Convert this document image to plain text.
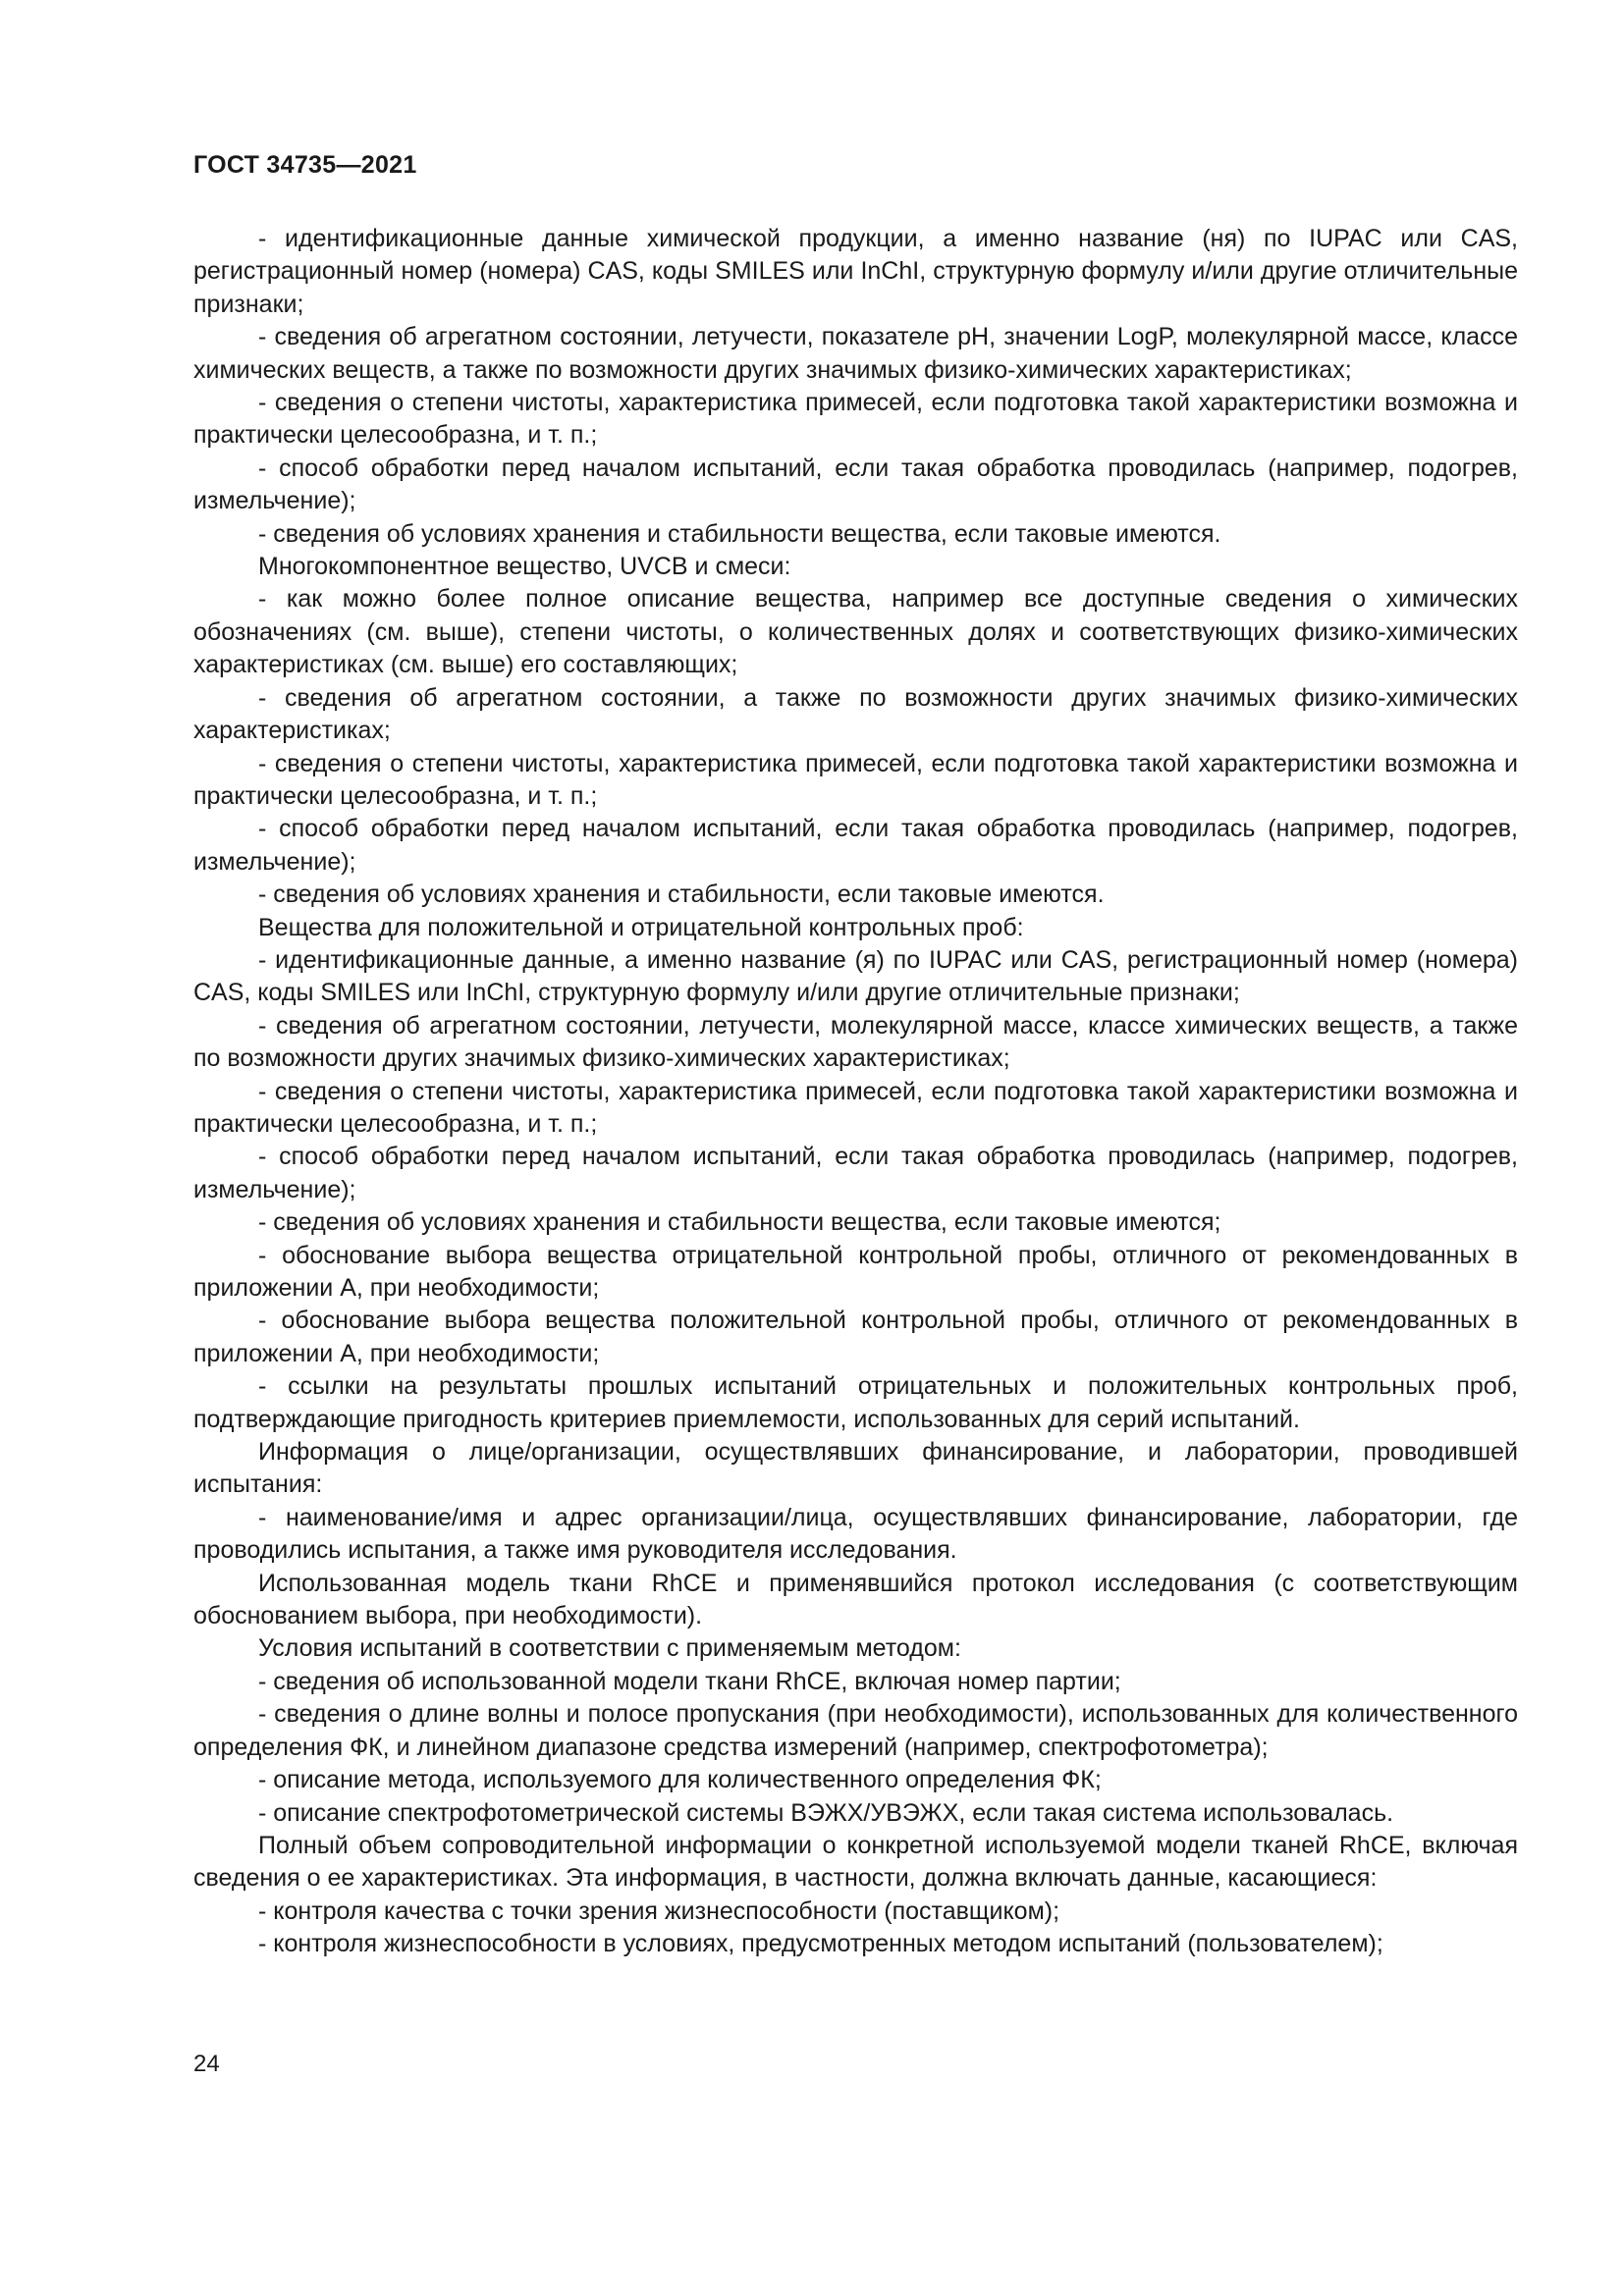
ГОСТ 34735—2021

- идентификационные данные химической продукции, а именно название (ня) по IUPAC или CAS, регистрационный номер (номера) CAS, коды SMILES или InChI, структурную формулу и/или другие отличительные признаки;

- сведения об агрегатном состоянии, летучести, показателе pH, значении LogP, молекулярной массе, классе химических веществ, а также по возможности других значимых физико-химических характеристиках;

- сведения о степени чистоты, характеристика примесей, если подготовка такой характеристики возможна и практически целесообразна, и т. п.;

- способ обработки перед началом испытаний, если такая обработка проводилась (например, подогрев, измельчение);

- сведения об условиях хранения и стабильности вещества, если таковые имеются.

Многокомпонентное вещество, UVCB и смеси:

- как можно более полное описание вещества, например все доступные сведения о химических обозначениях (см. выше), степени чистоты, о количественных долях и соответствующих физико-химических характеристиках (см. выше) его составляющих;

- сведения об агрегатном состоянии, а также по возможности других значимых физико-химических характеристиках;

- сведения о степени чистоты, характеристика примесей, если подготовка такой характеристики возможна и практически целесообразна, и т. п.;

- способ обработки перед началом испытаний, если такая обработка проводилась (например, подогрев, измельчение);

- сведения об условиях хранения и стабильности, если таковые имеются.

Вещества для положительной и отрицательной контрольных проб:

- идентификационные данные, а именно название (я) по IUPAC или CAS, регистрационный номер (номера) CAS, коды SMILES или InChI, структурную формулу и/или другие отличительные признаки;

- сведения об агрегатном состоянии, летучести, молекулярной массе, классе химических веществ, а также по возможности других значимых физико-химических характеристиках;

- сведения о степени чистоты, характеристика примесей, если подготовка такой характеристики возможна и практически целесообразна, и т. п.;

- способ обработки перед началом испытаний, если такая обработка проводилась (например, подогрев, измельчение);

- сведения об условиях хранения и стабильности вещества, если таковые имеются;

- обоснование выбора вещества отрицательной контрольной пробы, отличного от рекомендованных в приложении А, при необходимости;

- обоснование выбора вещества положительной контрольной пробы, отличного от рекомендованных в приложении А, при необходимости;

- ссылки на результаты прошлых испытаний отрицательных и положительных контрольных проб, подтверждающие пригодность критериев приемлемости, использованных для серий испытаний.

Информация о лице/организации, осуществлявших финансирование, и лаборатории, проводившей испытания:

- наименование/имя и адрес организации/лица, осуществлявших финансирование, лаборатории, где проводились испытания, а также имя руководителя исследования.

Использованная модель ткани RhCE и применявшийся протокол исследования (с соответствующим обоснованием выбора, при необходимости).

Условия испытаний в соответствии с применяемым методом:

- сведения об использованной модели ткани RhCE, включая номер партии;

- сведения о длине волны и полосе пропускания (при необходимости), использованных для количественного определения ФК, и линейном диапазоне средства измерений (например, спектрофотометра);

- описание метода, используемого для количественного определения ФК;

- описание спектрофотометрической системы ВЭЖХ/УВЭЖХ, если такая система использовалась.

Полный объем сопроводительной информации о конкретной используемой модели тканей RhCE, включая сведения о ее характеристиках. Эта информация, в частности, должна включать данные, касающиеся:

- контроля качества с точки зрения жизнеспособности (поставщиком);

- контроля жизнеспособности в условиях, предусмотренных методом испытаний (пользователем);

24
